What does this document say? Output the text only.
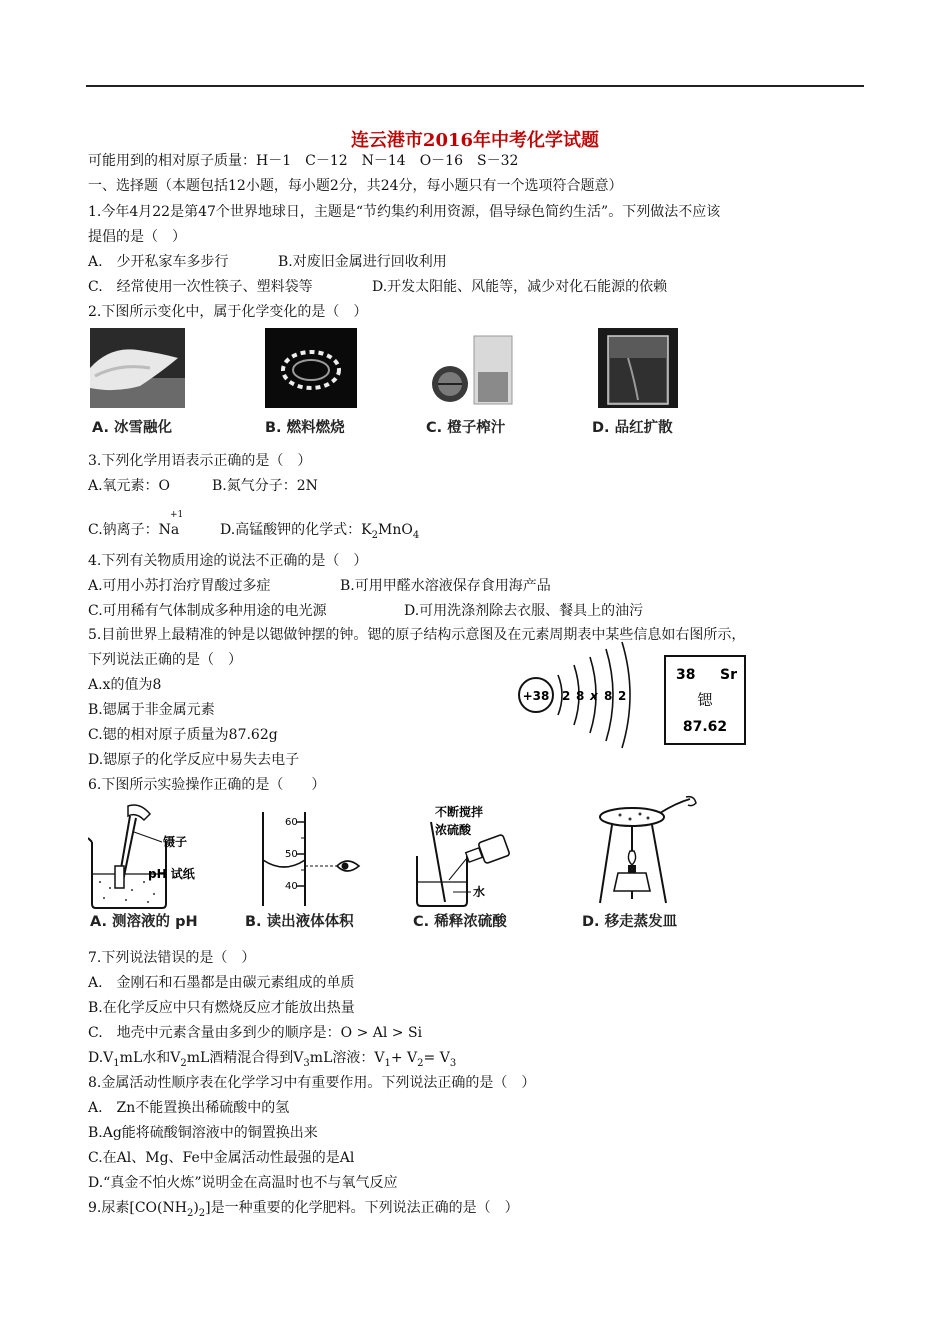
连云港市2016年中考化学试题
可能用到的相对原子质量：H－1　C－12　N－14　O－16　S－32
一、选择题（本题包括12小题，每小题2分，共24分，每小题只有一个选项符合题意）
1.今年4月22是第47个世界地球日，主题是“节约集约利用资源，倡导绿色简约生活”。下列做法不应该
提倡的是（　）
A.　少开私家车多步行	B.对废旧金属进行回收利用
C.　经常使用一次性筷子、塑料袋等	D.开发太阳能、风能等，减少对化石能源的依赖
2.下图所示变化中，属于化学变化的是（　）
A. 冰雪融化	B. 燃料燃烧	C. 橙子榨汁	D. 品红扩散
3.下列化学用语表示正确的是（　）
A.氧元素：O	B.氮气分子：2N
+1
C.钠离子：Na	D.高锰酸钾的化学式：$K_2MnO_4$
4.下列有关物质用途的说法不正确的是（　）
A.可用小苏打治疗胃酸过多症	B.可用甲醛水溶液保存食用海产品
C.可用稀有气体制成多种用途的电光源	D.可用洗涤剂除去衣服、餐具上的油污
5.目前世界上最精准的钟是以锶做钟摆的钟。锶的原子结构示意图及在元素周期表中某些信息如右图所示，
下列说法正确的是（　）
A.x的值为8
B.锶属于非金属元素
C.锶的相对原子质量为87.62g
D.锶原子的化学反应中易失去电子
+38 2 8 x 8 2
38 Sr
锶
87.62
6.下图所示实验操作正确的是（　　）
镊子
pH 试纸
60
50
40
不断搅拌
浓硫酸
水
A. 测溶液的 pH	B. 读出液体体积	C. 稀释浓硫酸	D. 移走蒸发皿
7.下列说法错误的是（　）
A.　金刚石和石墨都是由碳元素组成的单质
B.在化学反应中只有燃烧反应才能放出热量
C.　地壳中元素含量由多到少的顺序是：O > Al > Si
$D.V_1mL$水和$V_2mL$酒精混合得到$V_3mL$溶液：$V_1+ V_2= V_3$
8.金属活动性顺序表在化学学习中有重要作用。下列说法正确的是（　）
A.　Zn不能置换出稀硫酸中的氢
B.Ag能将硫酸铜溶液中的铜置换出来
C.在Al、Mg、Fe中金属活动性最强的是Al
D.“真金不怕火炼”说明金在高温时也不与氧气反应
9.尿素$[CO(NH_2)_2]$是一种重要的化学肥料。下列说法正确的是（　）
